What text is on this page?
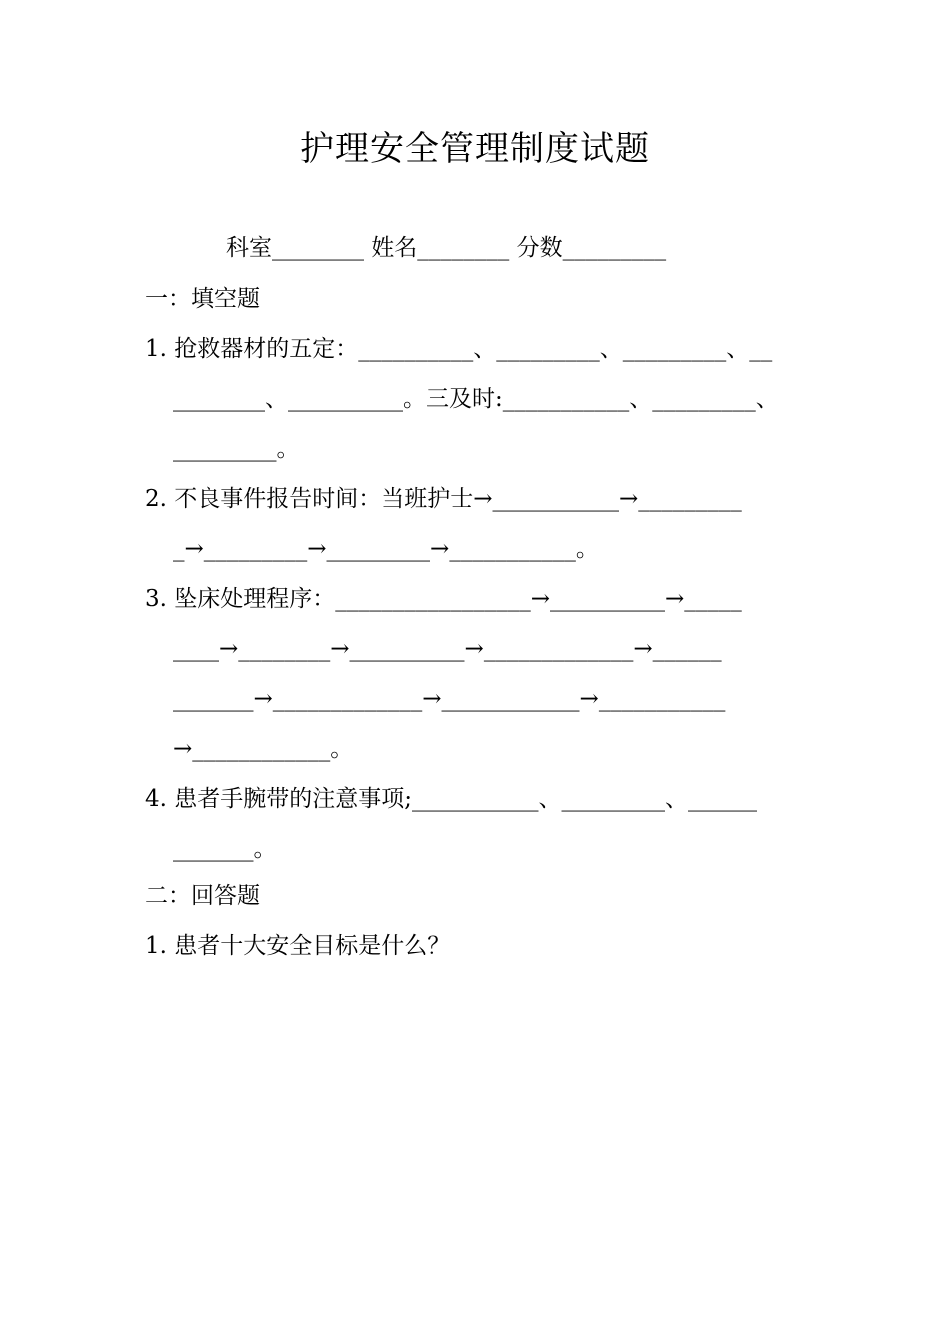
护理安全管理制度试题
科室________ 姓名________ 分数_________
一：填空题
1. 抢救器材的五定：__________、_________、_________、__
________、__________。三及时:___________、_________、
_________。
2. 不良事件报告时间：当班护士→___________→_________
_→_________→_________→___________。
3. 坠床处理程序：_________________→__________→_____
____→________→__________→_____________→______
_______→_____________→____________→___________
→____________。
4. 患者手腕带的注意事项;___________、_________、______
_______。
二：回答题
1. 患者十大安全目标是什么？
